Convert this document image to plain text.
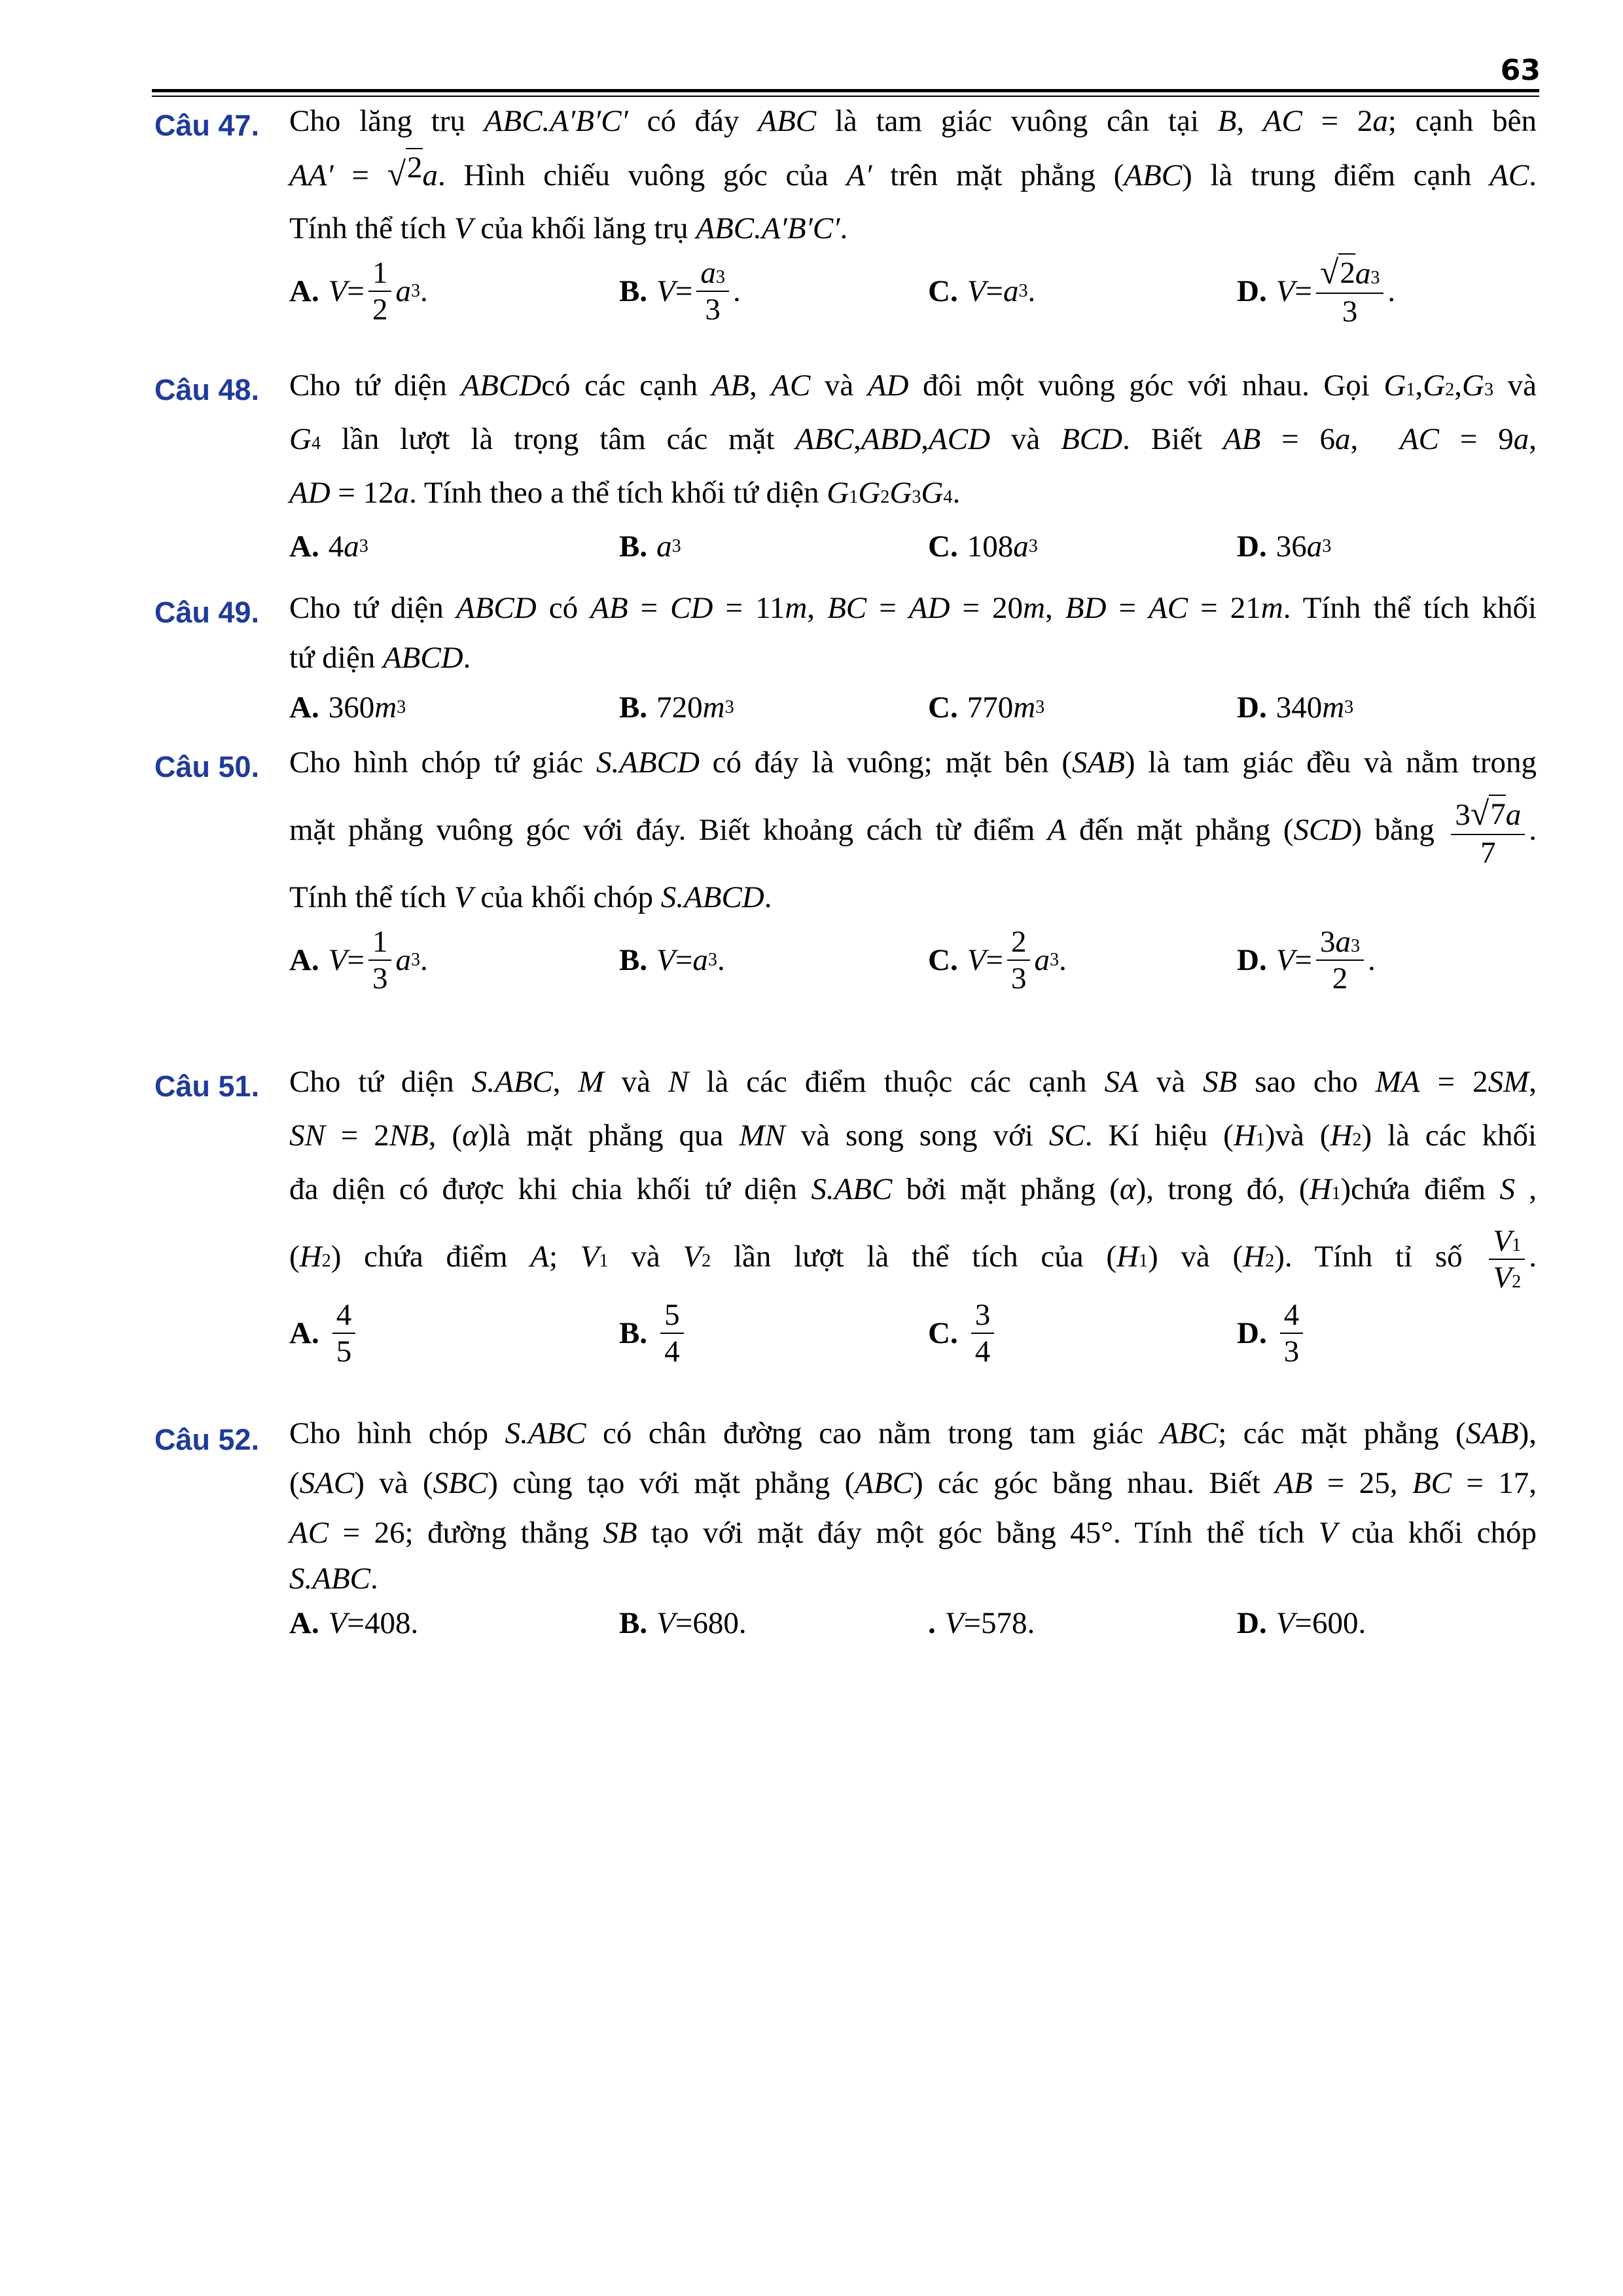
63
Câu 47. Cho lăng trụ ABC.A′B′C′ có đáy ABC là tam giác vuông cân tại B, AC = 2a; cạnh bên
AA′ = √ 2 a. Hình chiếu vuông góc của A′ trên mặt phẳng (ABC) là trung điểm cạnh AC.
Tính thể tích V của khối lăng trụ ABC.A′B′C′.
A. $V = \frac{1}{2}$ a 3 .	B. $V = \frac{a^3}{3}$ .	C. V = a 3 .	D. $V = \frac{√ 2 a^3}{3}$ .
Câu 48. Cho tứ diện ABCDcó các cạnh AB, AC và AD đôi một vuông góc với nhau. Gọi $G_1,G_2,G_3$ và
$G_4$ lần lượt là trọng tâm các mặt ABC,ABD,ACD và BCD. Biết AB = 6a,  AC = 9a,
AD = 12a. Tính theo a thể tích khối tứ diện $G_1G_2G_3G_4$.
A. 4 a 3	B. a 3	C. 108 a 3	D. 36 a 3
Câu 49. Cho tứ diện ABCD có AB = CD = 11m, BC = AD = 20m, BD = AC = 21m. Tính thể tích khối
tứ diện ABCD.
A. 360 m 3	B. 720 m 3	C. 770 m 3	D. 340 m 3
Câu 50. Cho hình chóp tứ giác S.ABCD có đáy là vuông; mặt bên (SAB) là tam giác đều và nằm trong
mặt phẳng vuông góc với đáy. Biết khoảng cách từ điểm A đến mặt phẳng (SCD) bằng $\frac{3 √ 7 a}{7}$ .
Tính thể tích V của khối chóp S.ABCD.
A. $V = \frac{1}{3}$ a 3 .	B. V = a 3 .	C. $V = \frac{2}{3}$ a 3 .	D. $V = \frac{3a^3}{2}$ .
Câu 51. Cho tứ diện S.ABC, M và N là các điểm thuộc các cạnh SA và SB sao cho MA = 2SM,
SN = 2NB, (α)là mặt phẳng qua MN và song song với SC. Kí hiệu $(H_1)và$ $(H_2)$ là các khối
đa diện có được khi chia khối tứ diện S.ABC bởi mặt phẳng (α), trong đó, $(H_1)chứa$ điểm S ,
$(H_2)$ chứa điểm A; $V_1$ và $V_2$ lần lượt là thể tích của $(H_1)$ và $(H_2)$. Tính tỉ số $\frac{V_1}{V_2}$ .
A. $\frac{4}{5}$	B. $\frac{5}{4}$	C. $\frac{3}{4}$	D. $\frac{4}{3}$
Câu 52. Cho hình chóp S.ABC có chân đường cao nằm trong tam giác ABC; các mặt phẳng (SAB),
(SAC) và (SBC) cùng tạo với mặt phẳng (ABC) các góc bằng nhau. Biết AB = 25, BC = 17,
AC = 26; đường thẳng SB tạo với mặt đáy một góc bằng 45°. Tính thể tích V của khối chóp
S.ABC.
A. V = 408 .	B. V = 680 .	. V = 578 .	D. V = 600 .
